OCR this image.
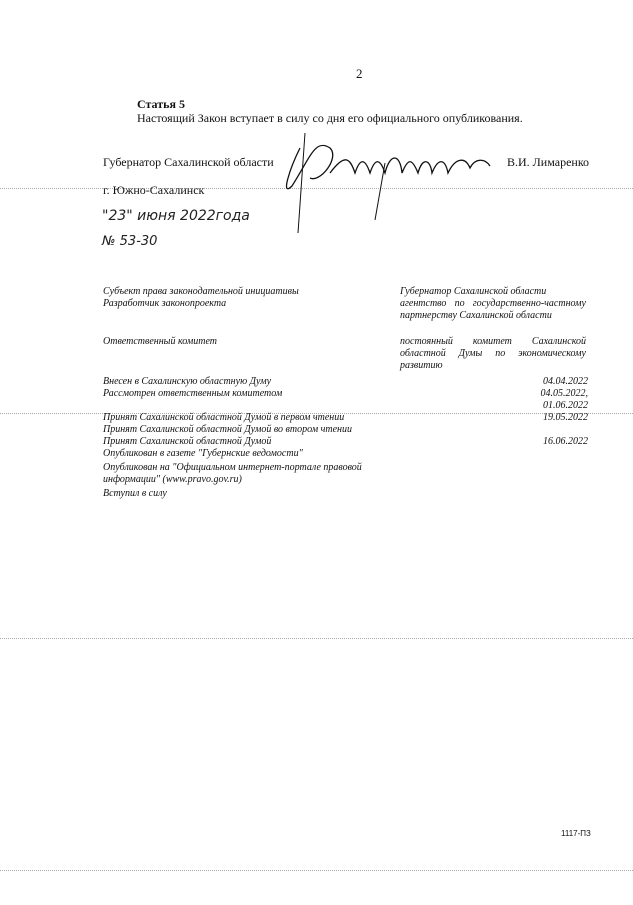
2
Статья 5
Настоящий Закон вступает в силу со дня его официального опубликования.
Губернатор Сахалинской области	В.И. Лимаренко
г. Южно-Сахалинск
"23" июня 2022года
№ 53-30
Субъект права законодательной инициативы	Губернатор Сахалинской области
Разработчик законопроекта	агентство по государственно-частному партнерству Сахалинской области
Ответственный комитет	постоянный комитет Сахалинской областной Думы по экономическому развитию
Внесен в Сахалинскую областную Думу	04.04.2022
Рассмотрен ответственным комитетом	04.05.2022,
01.06.2022
Принят Сахалинской областной Думой в первом чтении	19.05.2022
Принят Сахалинской областной Думой во втором чтении
Принят Сахалинской областной Думой	16.06.2022
Опубликован в газете "Губернские ведомости"
Опубликован на "Официальном интернет-портале правовой
информации" (www.pravo.gov.ru)
Вступил в силу
1117-ПЗ
